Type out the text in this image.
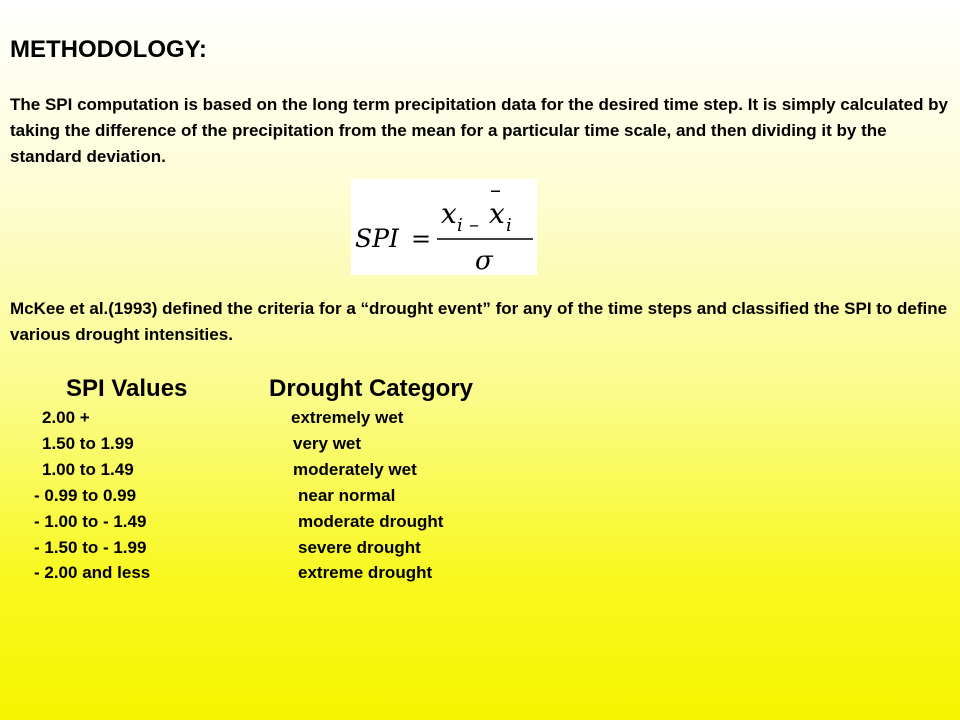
METHODOLOGY:

The SPI computation is based on the long term precipitation data for the desired time step. It is simply calculated by taking the difference of the precipitation from the mean for a particular time scale, and then dividing it by the standard deviation.

SPI =
x i – x i
–
σ

McKee et al.(1993) defined the criteria for a “drought event” for any of the time steps and classified the SPI to define various drought intensities.

SPI Values	Drought Category
2.00 +	extremely wet
1.50 to 1.99	very wet
1.00 to 1.49	moderately wet
- 0.99 to 0.99	near normal
- 1.00 to - 1.49	moderate drought
- 1.50 to - 1.99	severe drought
- 2.00 and less	extreme drought
